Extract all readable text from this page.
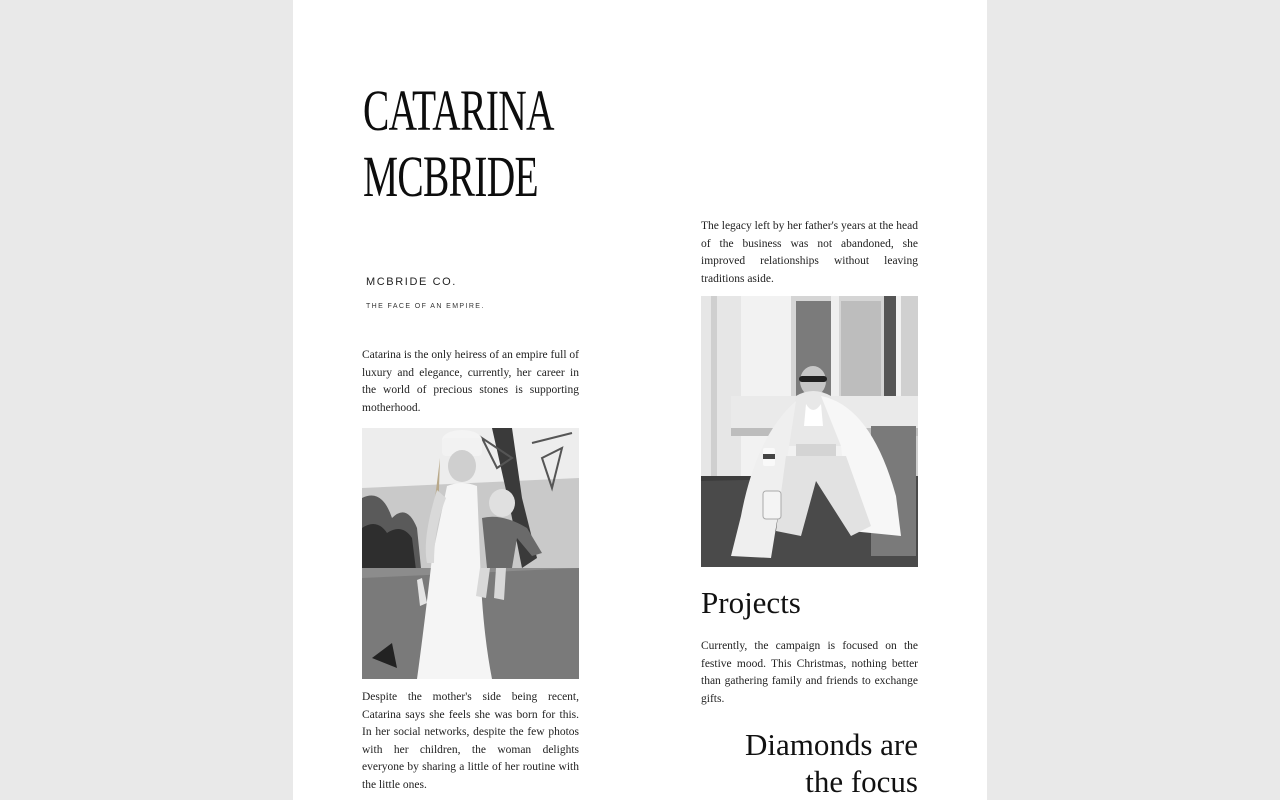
CATARINA
MCBRIDE
MCBRIDE CO.
THE FACE OF AN EMPIRE.

Catarina is the only heiress of an empire full of luxury and elegance, currently, her career in the world of precious stones is supporting motherhood.

Despite the mother's side being recent, Catarina says she feels she was born for this. In her social networks, despite the few photos with her children, the woman delights everyone by sharing a little of her routine with the little ones.

The legacy left by her father's years at the head of the business was not abandoned, she improved relationships without leaving traditions aside.

Projects

Currently, the campaign is focused on the festive mood. This Christmas, nothing better than gathering family and friends to exchange gifts.

Diamonds are
the focus
